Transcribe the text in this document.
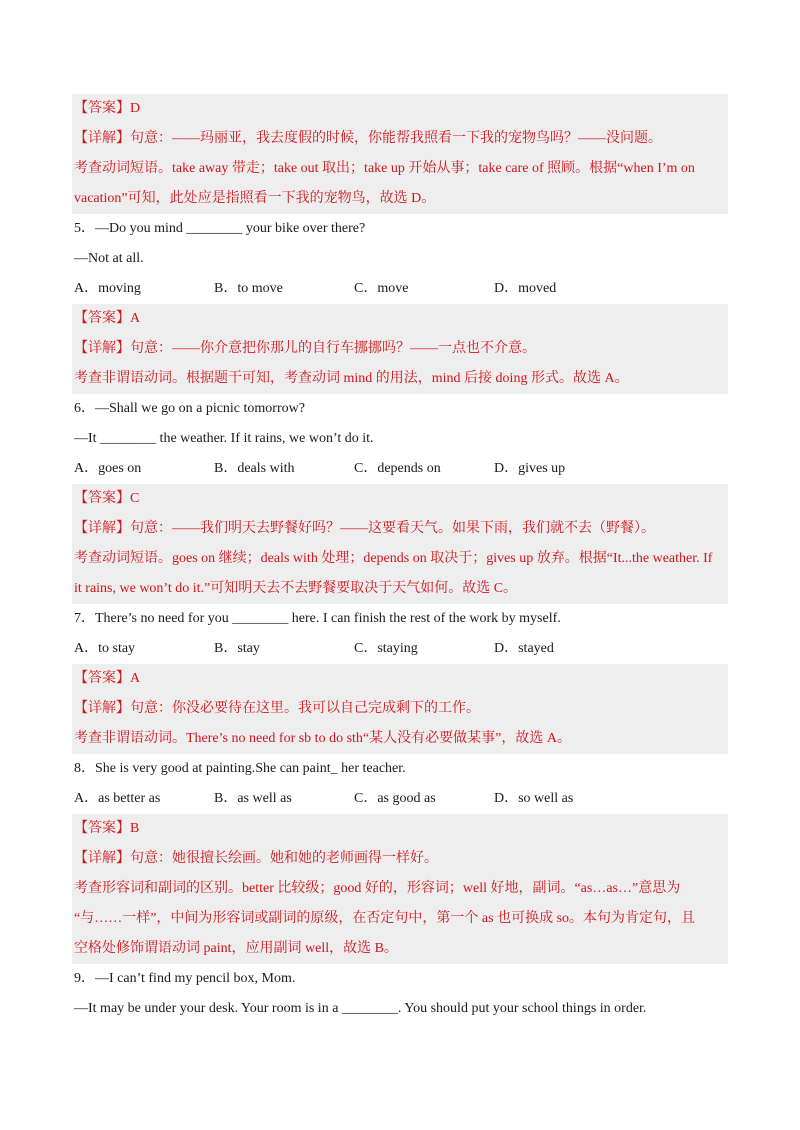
【答案】D
【详解】句意：——玛丽亚，我去度假的时候，你能帮我照看一下我的宠物鸟吗？——没问题。
考查动词短语。take away 带走；take out 取出；take up 开始从事；take care of 照顾。根据“when I’m on
vacation”可知，此处应是指照看一下我的宠物鸟，故选 D。
5．—Do you mind ________ your bike over there?
—Not at all.
A．moving	B．to move	C．move	D．moved
【答案】A
【详解】句意：——你介意把你那儿的自行车挪挪吗？——一点也不介意。
考查非谓语动词。根据题干可知，考查动词 mind 的用法，mind 后接 doing 形式。故选 A。
6．—Shall we go on a picnic tomorrow?
—It ________ the weather. If it rains, we won’t do it.
A．goes on	B．deals with	C．depends on	D．gives up
【答案】C
【详解】句意：——我们明天去野餐好吗？——这要看天气。如果下雨，我们就不去（野餐）。
考查动词短语。goes on 继续；deals with 处理；depends on 取决于；gives up 放弃。根据“It...the weather. If
it rains, we won’t do it.”可知明天去不去野餐要取决于天气如何。故选 C。
7．There’s no need for you ________ here. I can finish the rest of the work by myself.
A．to stay	B．stay	C．staying	D．stayed
【答案】A
【详解】句意：你没必要待在这里。我可以自己完成剩下的工作。
考查非谓语动词。There’s no need for sb to do sth“某人没有必要做某事”，故选 A。
8．She is very good at painting.She can paint_ her teacher.
A．as better as	B．as well as	C．as good as	D．so well as
【答案】B
【详解】句意：她很擅长绘画。她和她的老师画得一样好。
考查形容词和副词的区别。better 比较级；good 好的，形容词；well 好地，副词。“as…as…”意思为
“与……一样”，中间为形容词或副词的原级，在否定句中，第一个 as 也可换成 so。本句为肯定句，且
空格处修饰谓语动词 paint，应用副词 well，故选 B。
9．—I can’t find my pencil box, Mom.
—It may be under your desk. Your room is in a ________. You should put your school things in order.
